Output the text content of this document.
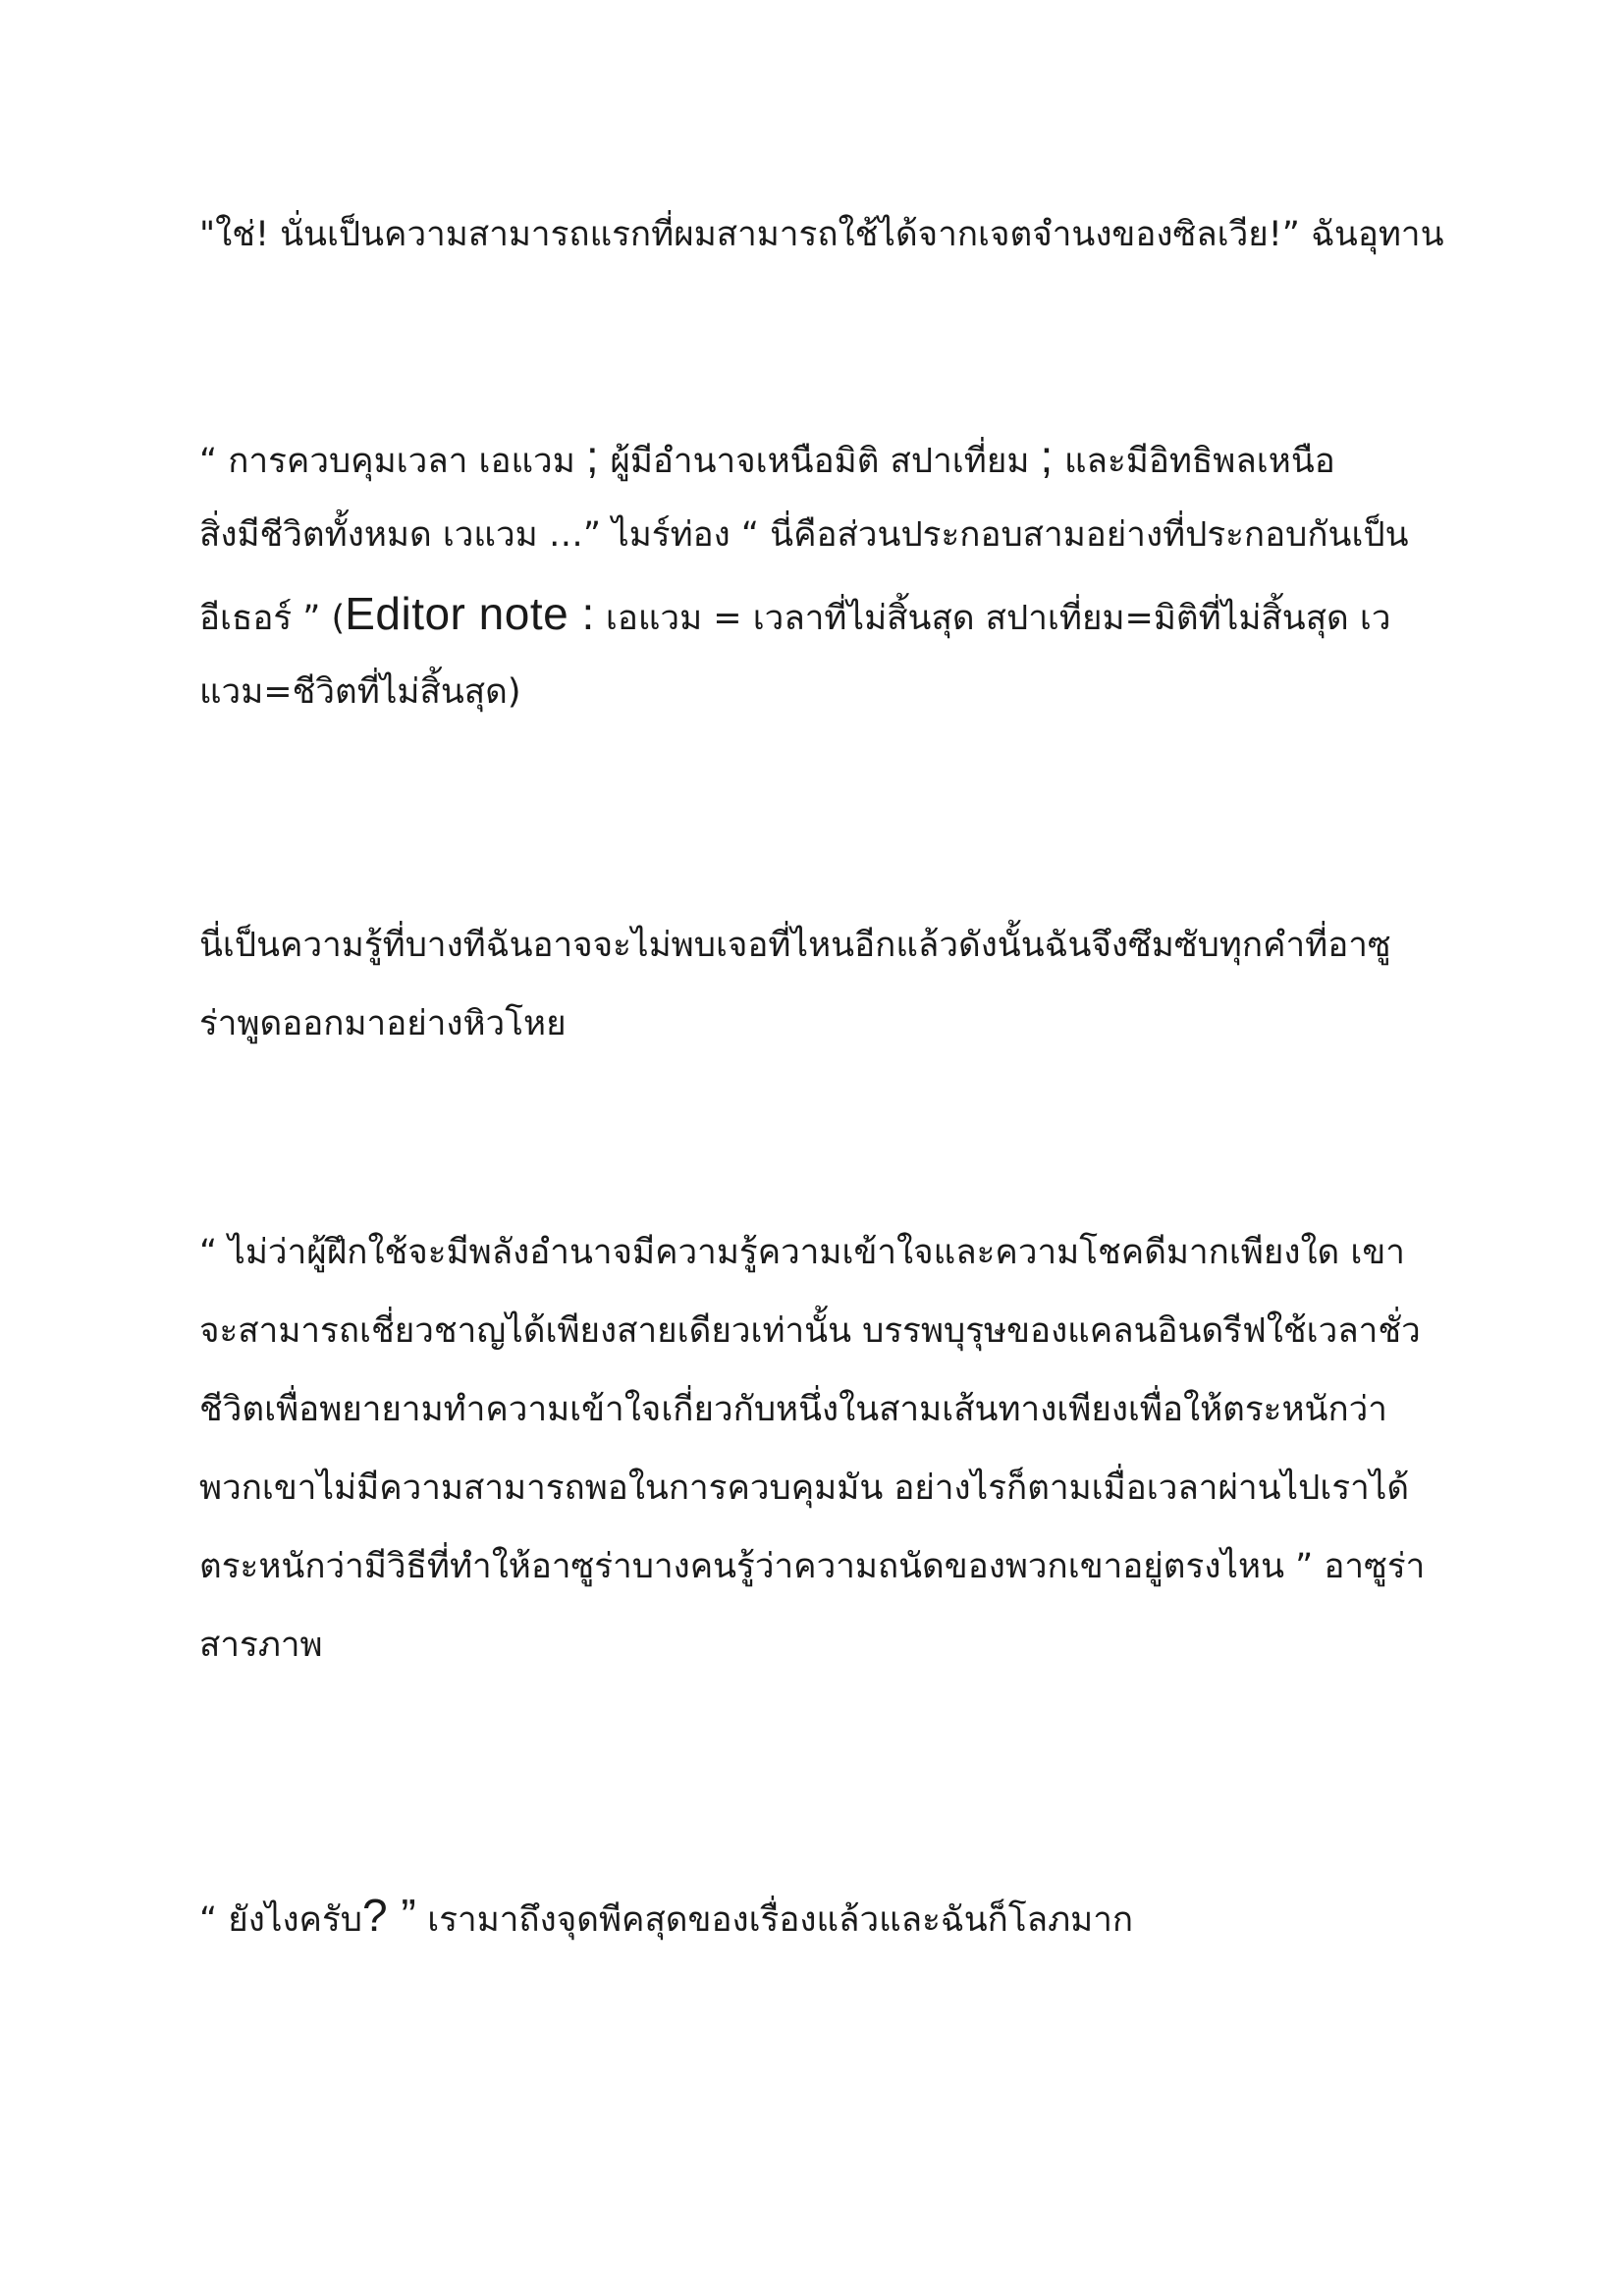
"ใช่! นั่นเป็นความสามารถแรกที่ผมสามารถใช้ได้จากเจตจำนงของซิลเวีย!” ฉันอุทาน

“ การควบคุมเวลา เอแวม ; ผู้มีอำนาจเหนือมิติ สปาเที่ยม ; และมีอิทธิพลเหนือ
สิ่งมีชีวิตทั้งหมด เวแวม …” ไมร์ท่อง “ นี่คือส่วนประกอบสามอย่างที่ประกอบกันเป็น
อีเธอร์ ” (Editor note : เอแวม = เวลาที่ไม่สิ้นสุด สปาเที่ยม=มิติที่ไม่สิ้นสุด เว
แวม=ชีวิตที่ไม่สิ้นสุด)

นี่เป็นความรู้ที่บางทีฉันอาจจะไม่พบเจอที่ไหนอีกแล้วดังนั้นฉันจึงซึมซับทุกคำที่อาซู
ร่าพูดออกมาอย่างหิวโหย

“ ไม่ว่าผู้ฝึกใช้จะมีพลังอำนาจมีความรู้ความเข้าใจและความโชคดีมากเพียงใด เขา
จะสามารถเชี่ยวชาญได้เพียงสายเดียวเท่านั้น บรรพบุรุษของแคลนอินดรีฟใช้เวลาชั่ว
ชีวิตเพื่อพยายามทำความเข้าใจเกี่ยวกับหนึ่งในสามเส้นทางเพียงเพื่อให้ตระหนักว่า
พวกเขาไม่มีความสามารถพอในการควบคุมมัน อย่างไรก็ตามเมื่อเวลาผ่านไปเราได้
ตระหนักว่ามีวิธีที่ทำให้อาซูร่าบางคนรู้ว่าความถนัดของพวกเขาอยู่ตรงไหน ” อาซูร่า
สารภาพ

“ ยังไงครับ? ” เรามาถึงจุดพีคสุดของเรื่องแล้วและฉันก็โลภมาก
